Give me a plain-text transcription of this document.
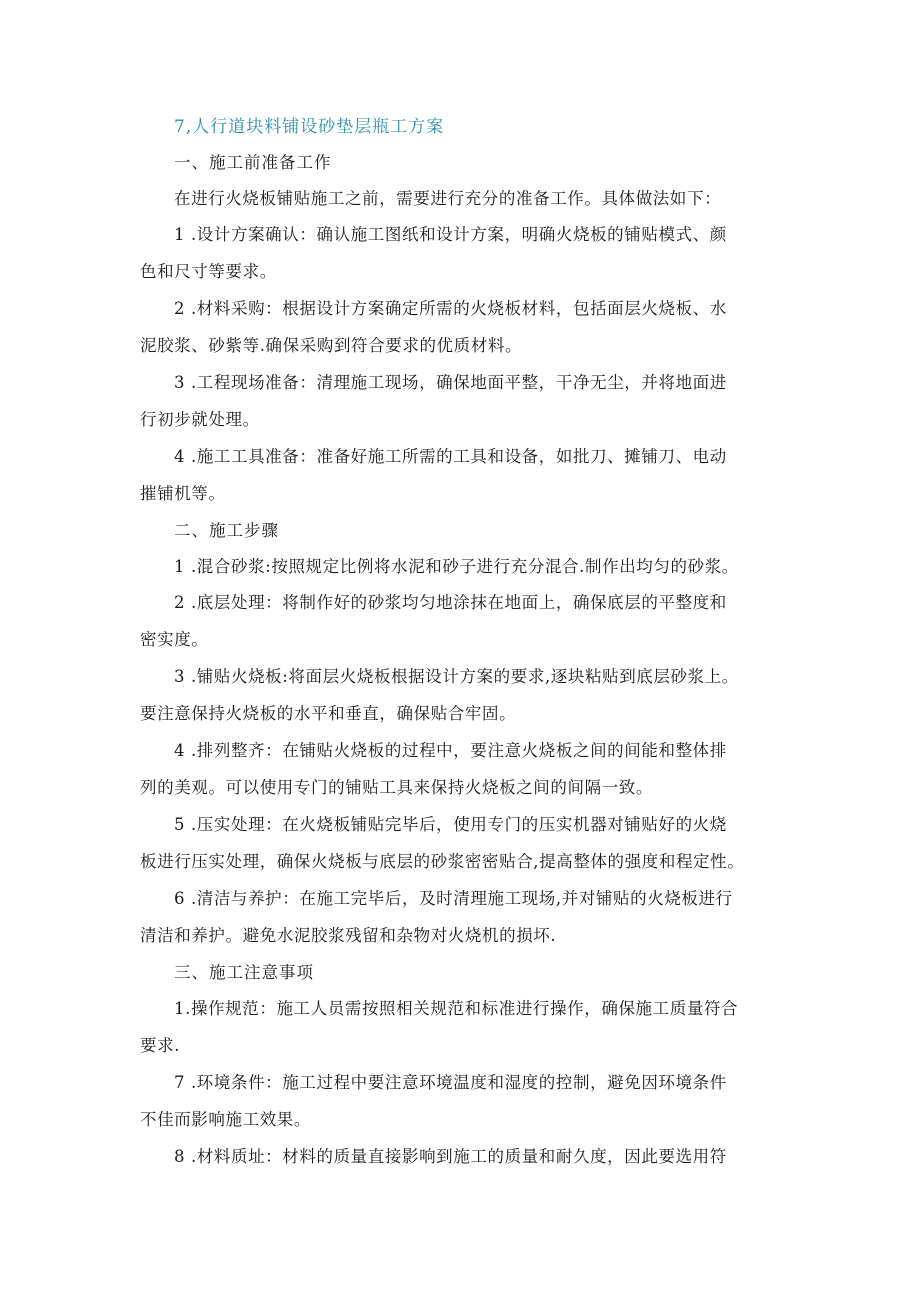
7,人行道块料铺设砂垫层瓶工方案

一、施工前准备工作

在进行火烧板铺贴施工之前，需要进行充分的准备工作。具体做法如下：

1 .设计方案确认：确认施工图纸和设计方案，明确火烧板的铺贴模式、颜
色和尺寸等要求。

2 .材料采购：根据设计方案确定所需的火烧板材料，包括面层火烧板、水
泥胶浆、砂紫等.确保采购到符合要求的优质材料。

3 .工程现场准备：清理施工现场，确保地面平整，干净无尘，并将地面进
行初步就处理。

4 .施工工具准备：准备好施工所需的工具和设备，如批刀、摊铺刀、电动
摧铺机等。

二、施工步骤

1 .混合砂浆:按照规定比例将水泥和砂子进行充分混合.制作出均匀的砂浆。

2 .底层处理：将制作好的砂浆均匀地涂抹在地面上，确保底层的平整度和
密实度。

3 .铺贴火烧板:将面层火烧板根据设计方案的要求,逐块粘贴到底层砂浆上。
要注意保持火烧板的水平和垂直，确保贴合牢固。

4 .排列整齐：在铺贴火烧板的过程中，要注意火烧板之间的间能和整体排
列的美观。可以使用专门的铺贴工具来保持火烧板之间的间隔一致。

5 .压实处理：在火烧板铺贴完毕后，使用专门的压实机器对铺贴好的火烧
板进行压实处理，确保火烧板与底层的砂浆密密贴合,提高整体的强度和程定性。

6 .清洁与养护：在施工完毕后，及时清理施工现场,并对铺贴的火烧板进行
清洁和养护。避免水泥胶浆残留和杂物对火烧机的损坏.

三、施工注意事项

1.操作规范：施工人员需按照相关规范和标准进行操作，确保施工质量符合
要求.

7 .环境条件：施工过程中要注意环境温度和湿度的控制，避免因环境条件
不佳而影响施工效果。

8 .材料质址：材料的质量直接影响到施工的质量和耐久度，因此要选用符
